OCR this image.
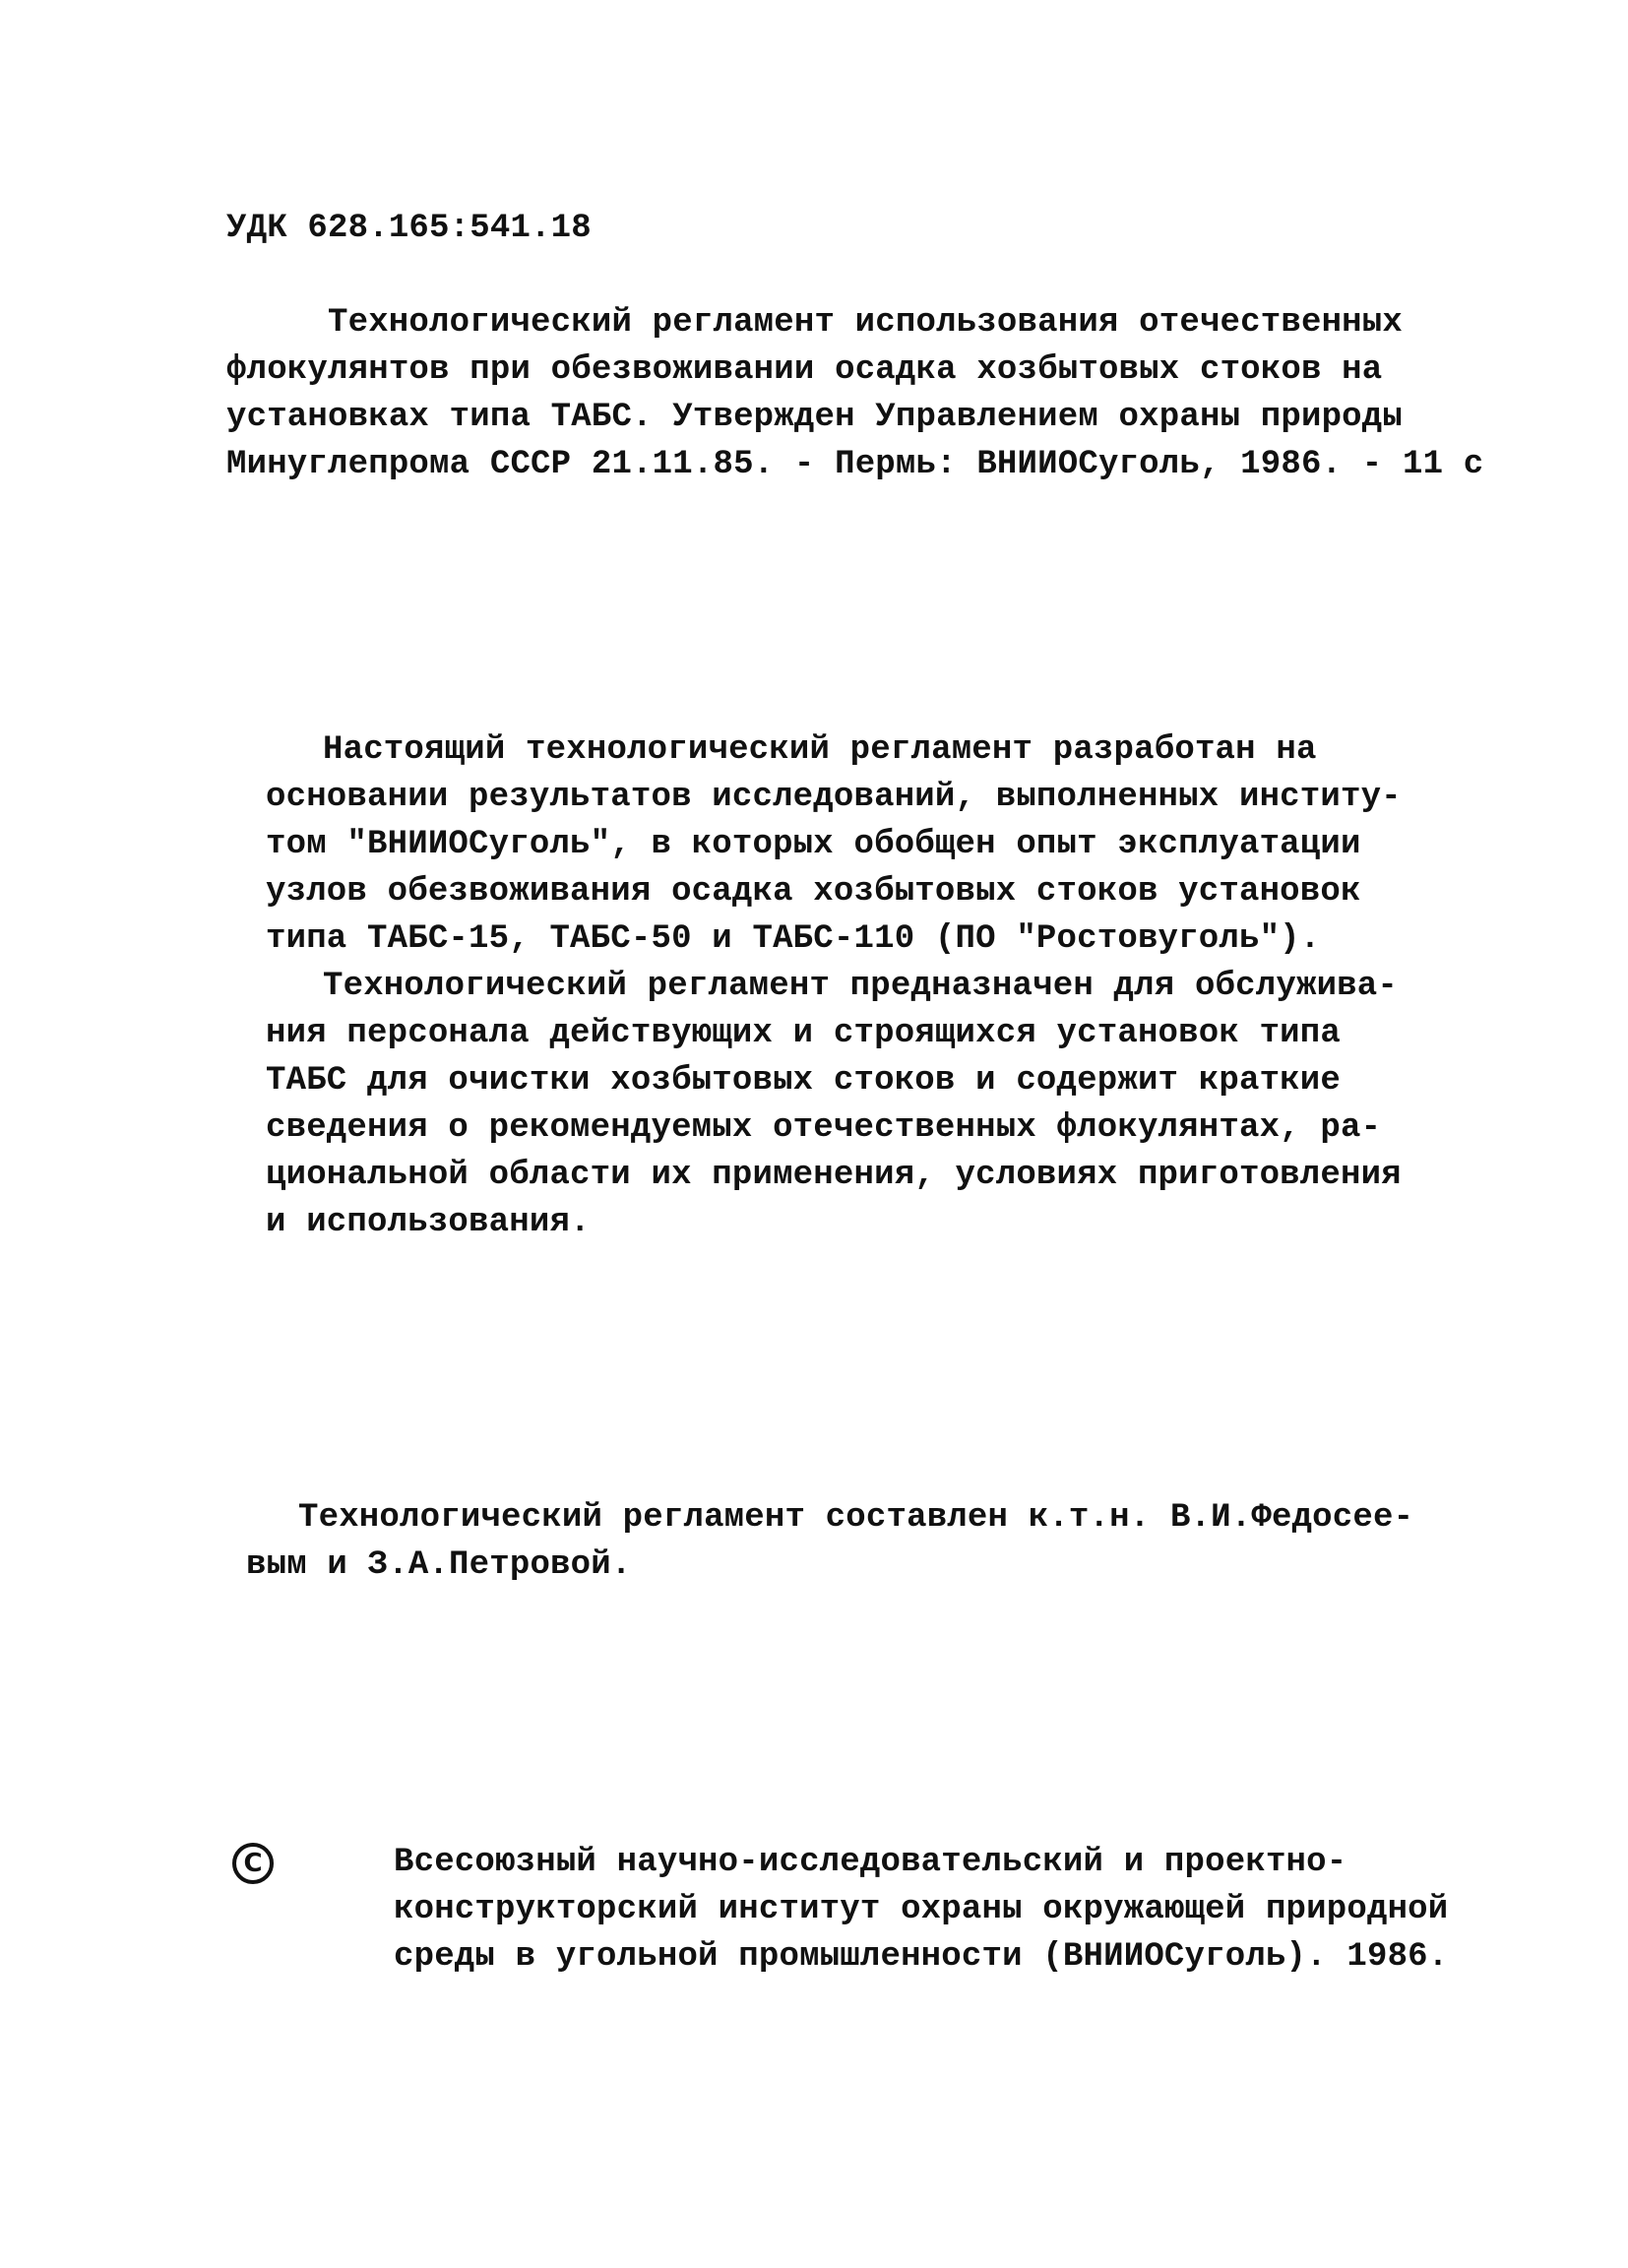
УДК 628.165:541.18
Технологический регламент использования отечественных
флокулянтов при обезвоживании осадка хозбытовых стоков на
установках типа ТАБС. Утвержден Управлением охраны природы
Минуглепрома СССР 21.11.85. - Пермь: ВНИИОСуголь, 1986. - 11 с
Настоящий технологический регламент разработан на
основании результатов исследований, выполненных институ-
том "ВНИИОСуголь", в которых обобщен опыт эксплуатации
узлов обезвоживания осадка хозбытовых стоков установок
типа ТАБС-15, ТАБС-50 и ТАБС-110 (ПО "Ростовуголь").
Технологический регламент предназначен для обслужива-
ния персонала действующих и строящихся установок типа
ТАБС для очистки хозбытовых стоков и содержит краткие
сведения о рекомендуемых отечественных флокулянтах, ра-
циональной области их применения, условиях приготовления
и использования.
Технологический регламент составлен к.т.н. В.И.Федосее-
вым и З.А.Петровой.
C	Всесоюзный научно-исследовательский и проектно-
конструкторский институт охраны окружающей природной
среды в угольной промышленности (ВНИИОСуголь). 1986.
